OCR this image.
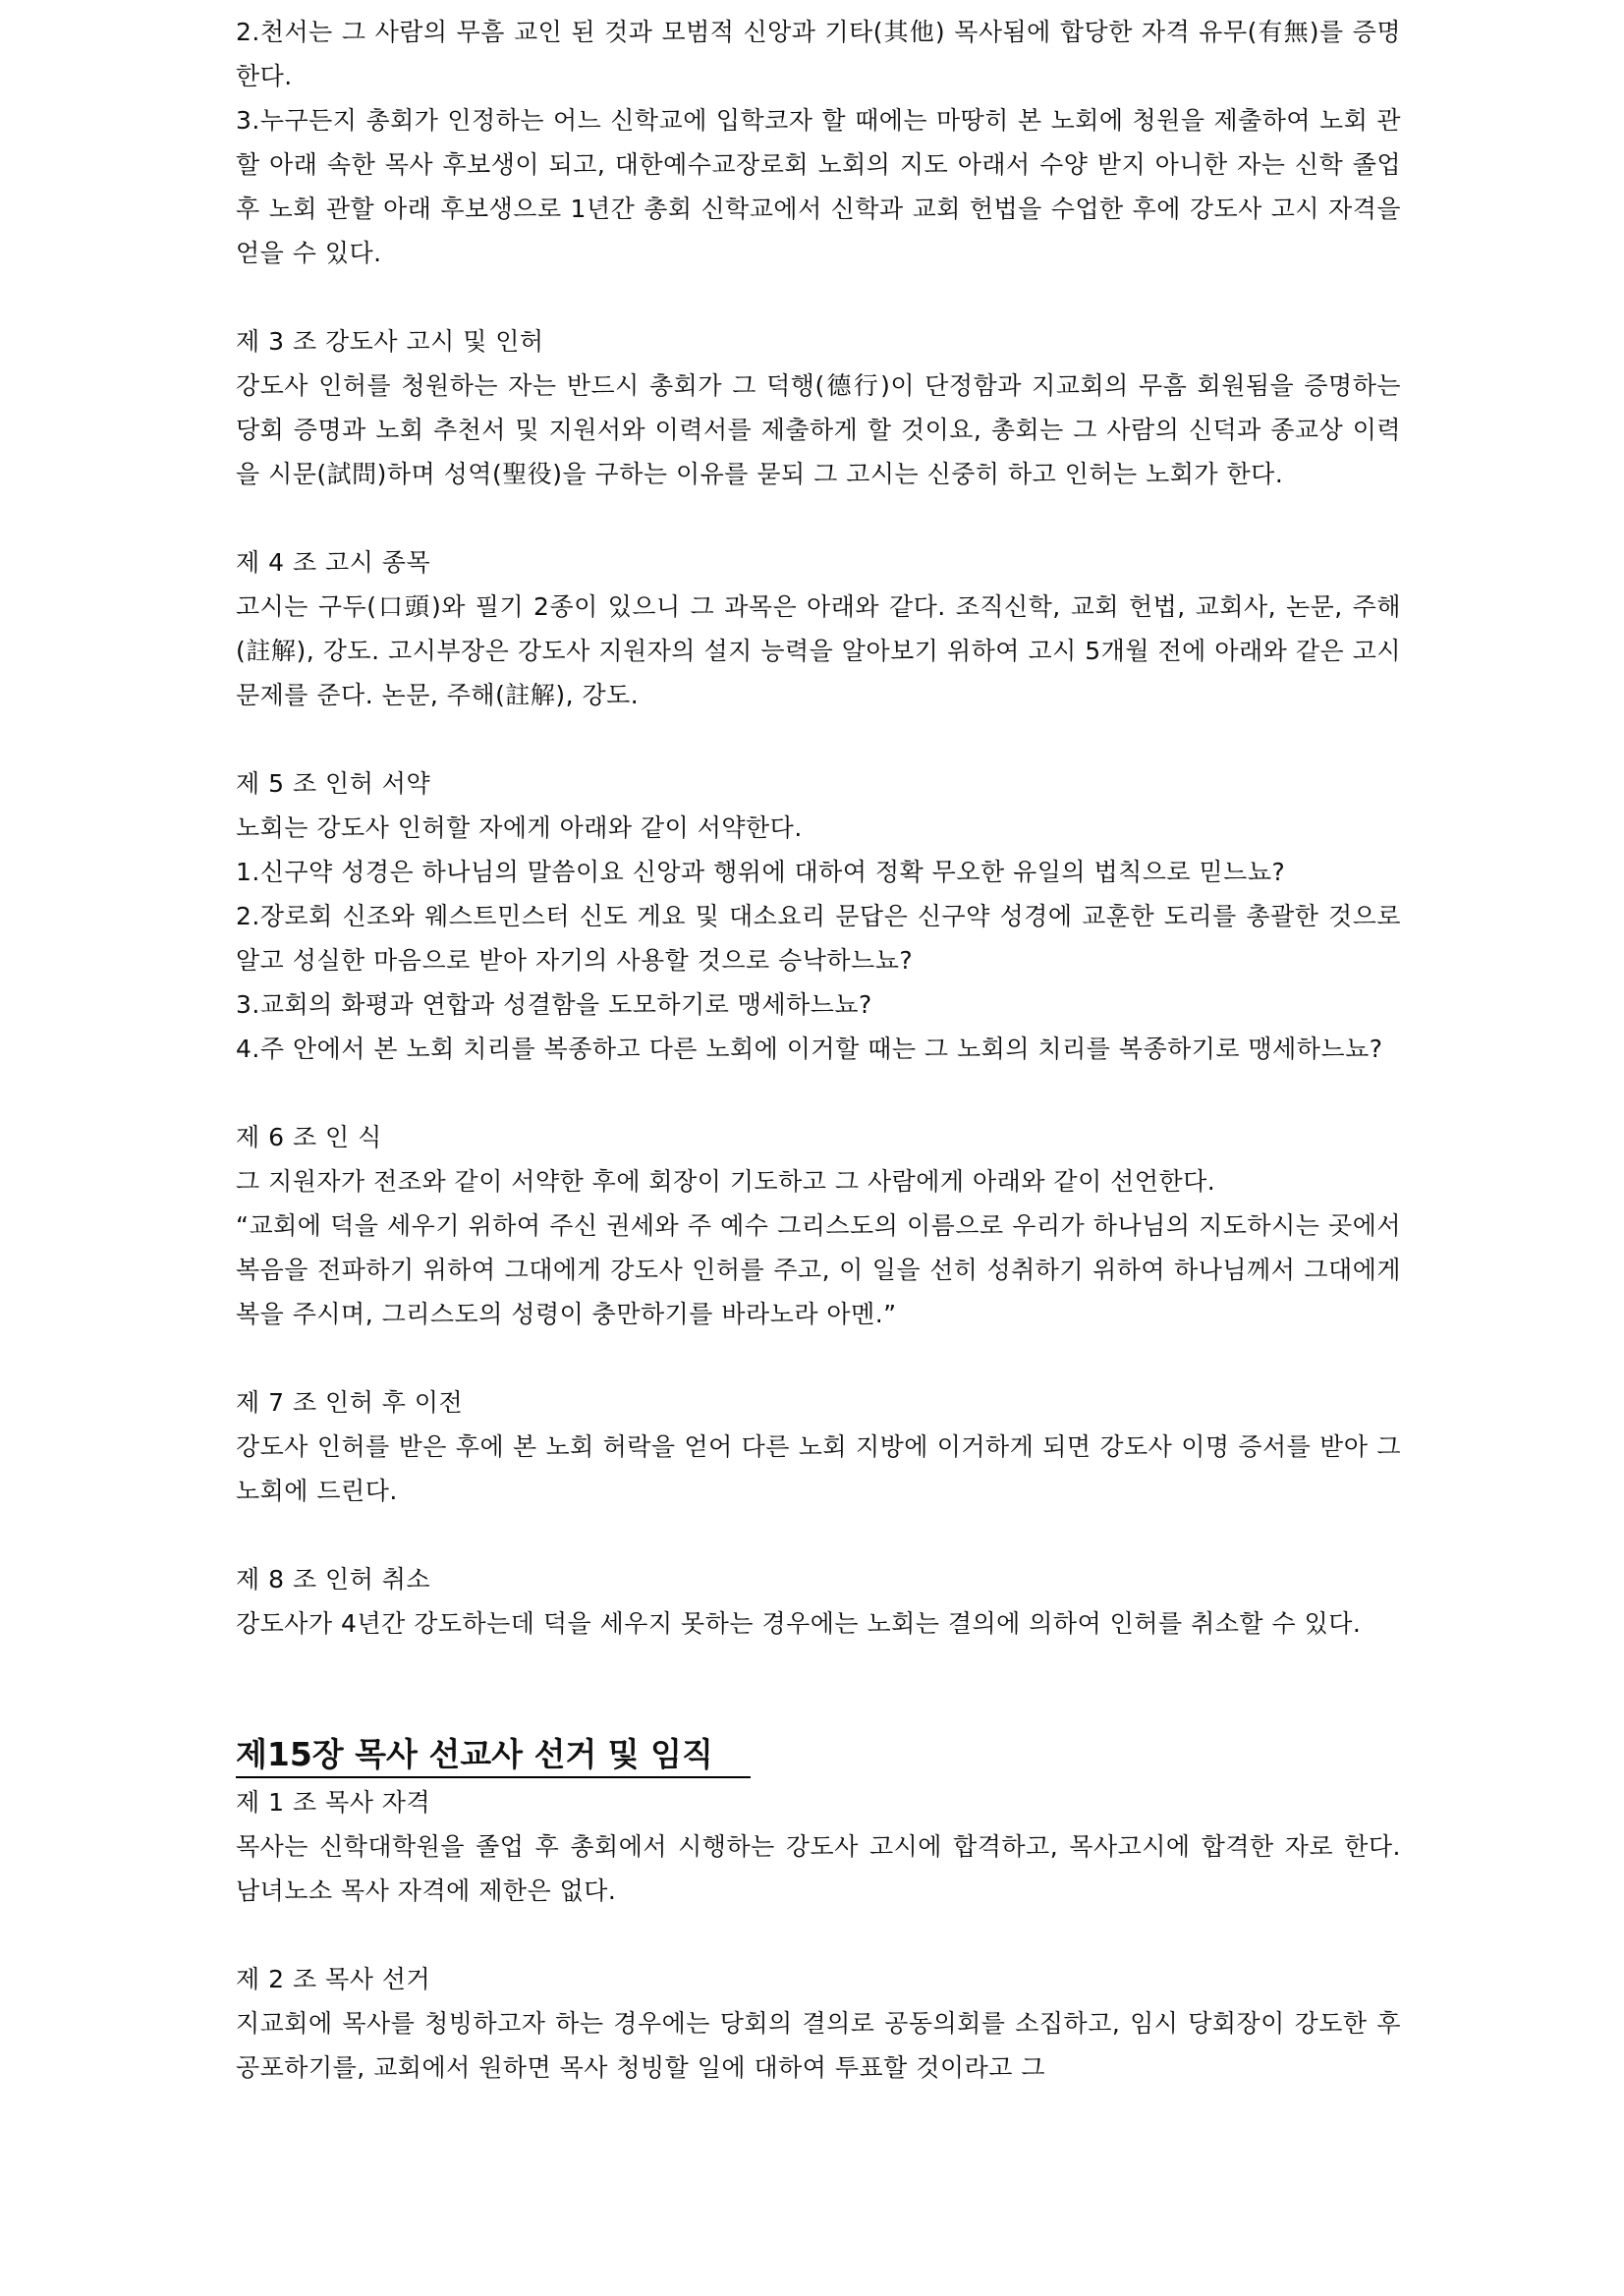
2.천서는 그 사람의 무흠 교인 된 것과 모범적 신앙과 기타(其他) 목사됨에 합당한 자격 유무(有無)를 증명한다.

3.누구든지 총회가 인정하는 어느 신학교에 입학코자 할 때에는 마땅히 본 노회에 청원을 제출하여 노회 관할 아래 속한 목사 후보생이 되고, 대한예수교장로회 노회의 지도 아래서 수양 받지 아니한 자는 신학 졸업 후 노회 관할 아래 후보생으로 1년간 총회 신학교에서 신학과 교회 헌법을 수업한 후에 강도사 고시 자격을 얻을 수 있다.

제 3 조 강도사 고시 및 인허

강도사 인허를 청원하는 자는 반드시 총회가 그 덕행(德行)이 단정함과 지교회의 무흠 회원됨을 증명하는 당회 증명과 노회 추천서 및 지원서와 이력서를 제출하게 할 것이요, 총회는 그 사람의 신덕과 종교상 이력을 시문(試問)하며 성역(聖役)을 구하는 이유를 묻되 그 고시는 신중히 하고 인허는 노회가 한다.

제 4 조 고시 종목

고시는 구두(口頭)와 필기 2종이 있으니 그 과목은 아래와 같다. 조직신학, 교회 헌법, 교회사, 논문, 주해(註解), 강도. 고시부장은 강도사 지원자의 설지 능력을 알아보기 위하여 고시 5개월 전에 아래와 같은 고시 문제를 준다. 논문, 주해(註解), 강도.

제 5 조 인허 서약

노회는 강도사 인허할 자에게 아래와 같이 서약한다.

1.신구약 성경은 하나님의 말씀이요 신앙과 행위에 대하여 정확 무오한 유일의 법칙으로 믿느뇨?

2.장로회 신조와 웨스트민스터 신도 게요 및 대소요리 문답은 신구약 성경에 교훈한 도리를 총괄한 것으로 알고 성실한 마음으로 받아 자기의 사용할 것으로 승낙하느뇨?

3.교회의 화평과 연합과 성결함을 도모하기로 맹세하느뇨?

4.주 안에서 본 노회 치리를 복종하고 다른 노회에 이거할 때는 그 노회의 치리를 복종하기로 맹세하느뇨?

제 6 조 인 식

그 지원자가 전조와 같이 서약한 후에 회장이 기도하고 그 사람에게 아래와 같이 선언한다.

“교회에 덕을 세우기 위하여 주신 권세와 주 예수 그리스도의 이름으로 우리가 하나님의 지도하시는 곳에서 복음을 전파하기 위하여 그대에게 강도사 인허를 주고, 이 일을 선히 성취하기 위하여 하나님께서 그대에게 복을 주시며, 그리스도의 성령이 충만하기를 바라노라 아멘.”

제 7 조 인허 후 이전

강도사 인허를 받은 후에 본 노회 허락을 얻어 다른 노회 지방에 이거하게 되면 강도사 이명 증서를 받아 그 노회에 드린다.

제 8 조 인허 취소

강도사가 4년간 강도하는데 덕을 세우지 못하는 경우에는 노회는 결의에 의하여 인허를 취소할 수 있다.

제15장 목사 선교사 선거 및 임직

제 1 조 목사 자격

목사는 신학대학원을 졸업 후 총회에서 시행하는 강도사 고시에 합격하고, 목사고시에 합격한 자로 한다. 남녀노소 목사 자격에 제한은 없다.

제 2 조 목사 선거

지교회에 목사를 청빙하고자 하는 경우에는 당회의 결의로 공동의회를 소집하고, 임시 당회장이 강도한 후 공포하기를, 교회에서 원하면 목사 청빙할 일에 대하여 투표할 것이라고 그
